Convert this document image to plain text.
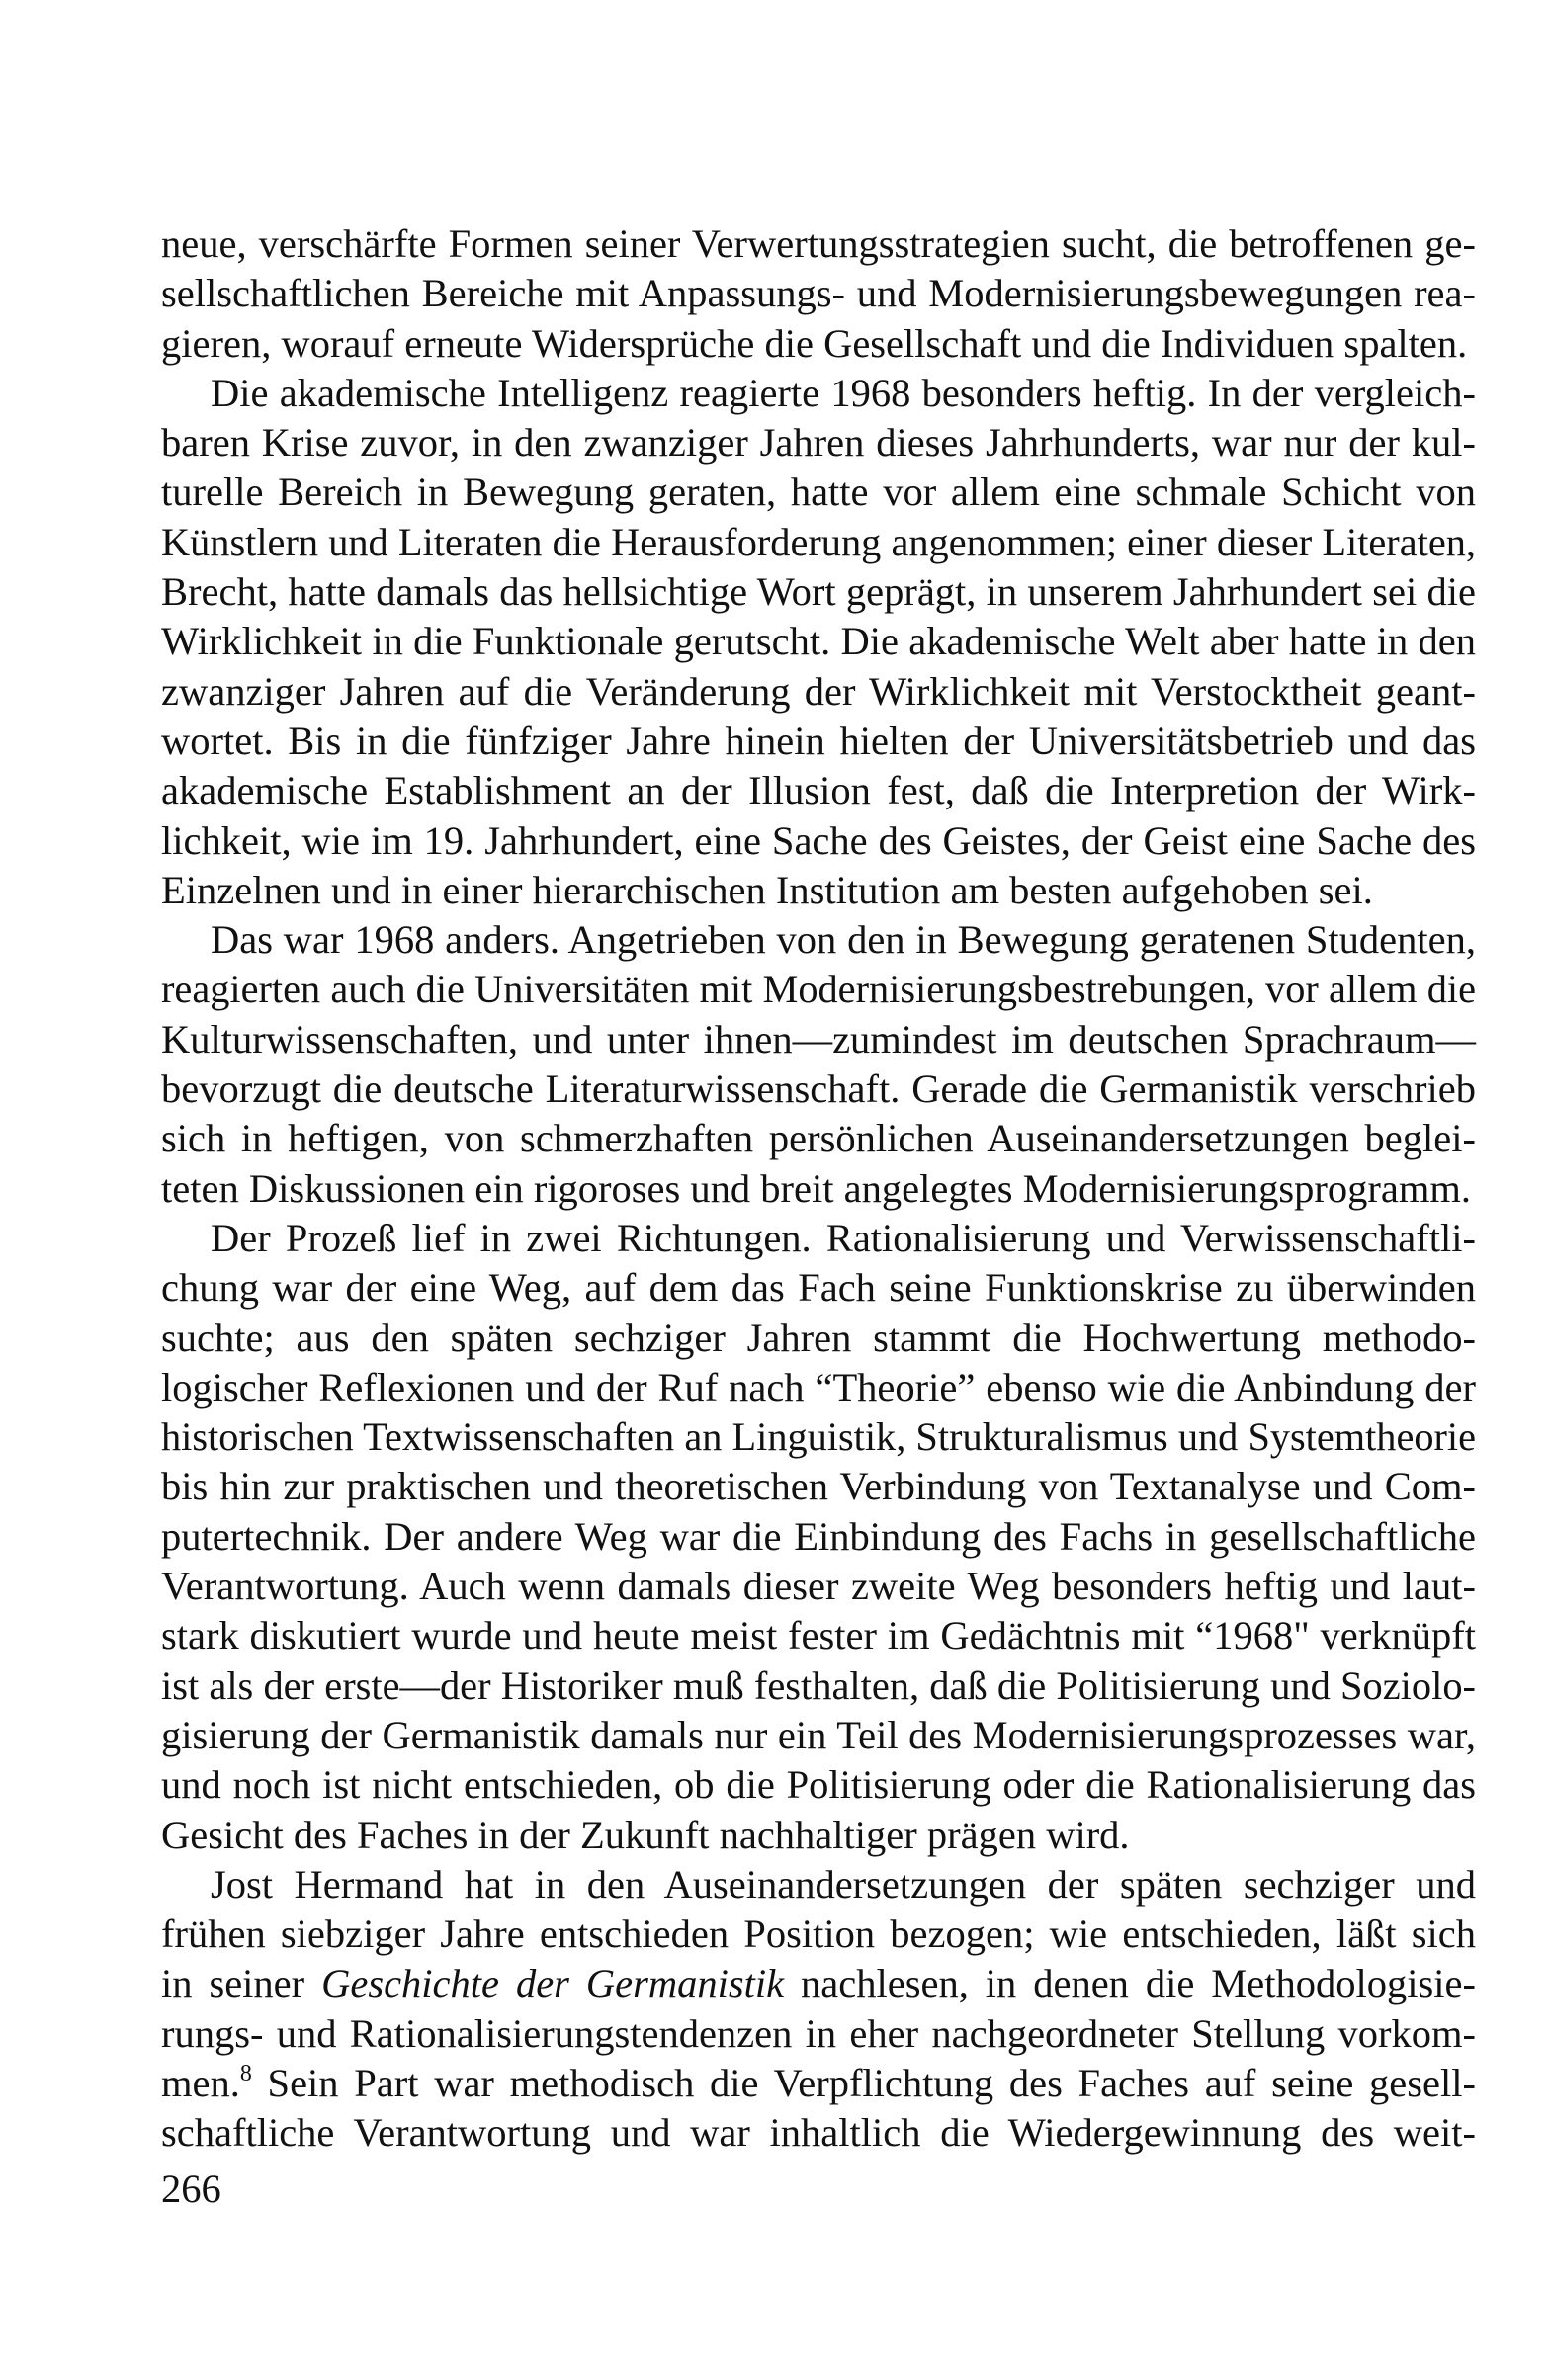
neue, verschärfte Formen seiner Verwertungsstrategien sucht, die betroffenen ge-
sellschaftlichen Bereiche mit Anpassungs- und Modernisierungsbewegungen rea-
gieren, worauf erneute Widersprüche die Gesellschaft und die Individuen spalten.
Die akademische Intelligenz reagierte 1968 besonders heftig. In der vergleich-
baren Krise zuvor, in den zwanziger Jahren dieses Jahrhunderts, war nur der kul-
turelle Bereich in Bewegung geraten, hatte vor allem eine schmale Schicht von
Künstlern und Literaten die Herausforderung angenommen; einer dieser Literaten,
Brecht, hatte damals das hellsichtige Wort geprägt, in unserem Jahrhundert sei die
Wirklichkeit in die Funktionale gerutscht. Die akademische Welt aber hatte in den
zwanziger Jahren auf die Veränderung der Wirklichkeit mit Verstocktheit geant-
wortet. Bis in die fünfziger Jahre hinein hielten der Universitätsbetrieb und das
akademische Establishment an der Illusion fest, daß die Interpretion der Wirk-
lichkeit, wie im 19. Jahrhundert, eine Sache des Geistes, der Geist eine Sache des
Einzelnen und in einer hierarchischen Institution am besten aufgehoben sei.
Das war 1968 anders. Angetrieben von den in Bewegung geratenen Studenten,
reagierten auch die Universitäten mit Modernisierungsbestrebungen, vor allem die
Kulturwissenschaften, und unter ihnen—zumindest im deutschen Sprachraum—
bevorzugt die deutsche Literaturwissenschaft. Gerade die Germanistik verschrieb
sich in heftigen, von schmerzhaften persönlichen Auseinandersetzungen beglei-
teten Diskussionen ein rigoroses und breit angelegtes Modernisierungsprogramm.
Der Prozeß lief in zwei Richtungen. Rationalisierung und Verwissenschaftli-
chung war der eine Weg, auf dem das Fach seine Funktionskrise zu überwinden
suchte; aus den späten sechziger Jahren stammt die Hochwertung methodo-
logischer Reflexionen und der Ruf nach “Theorie” ebenso wie die Anbindung der
historischen Textwissenschaften an Linguistik, Strukturalismus und Systemtheorie
bis hin zur praktischen und theoretischen Verbindung von Textanalyse und Com-
putertechnik. Der andere Weg war die Einbindung des Fachs in gesellschaftliche
Verantwortung. Auch wenn damals dieser zweite Weg besonders heftig und laut-
stark diskutiert wurde und heute meist fester im Gedächtnis mit “1968" verknüpft
ist als der erste—der Historiker muß festhalten, daß die Politisierung und Soziolo-
gisierung der Germanistik damals nur ein Teil des Modernisierungsprozesses war,
und noch ist nicht entschieden, ob die Politisierung oder die Rationalisierung das
Gesicht des Faches in der Zukunft nachhaltiger prägen wird.
Jost Hermand hat in den Auseinandersetzungen der späten sechziger und
frühen siebziger Jahre entschieden Position bezogen; wie entschieden, läßt sich
in seiner Geschichte der Germanistik nachlesen, in denen die Methodologisie-
rungs- und Rationalisierungstendenzen in eher nachgeordneter Stellung vorkom-
men.$^8$ Sein Part war methodisch die Verpflichtung des Faches auf seine gesell-
schaftliche Verantwortung und war inhaltlich die Wiedergewinnung des weit-
266
